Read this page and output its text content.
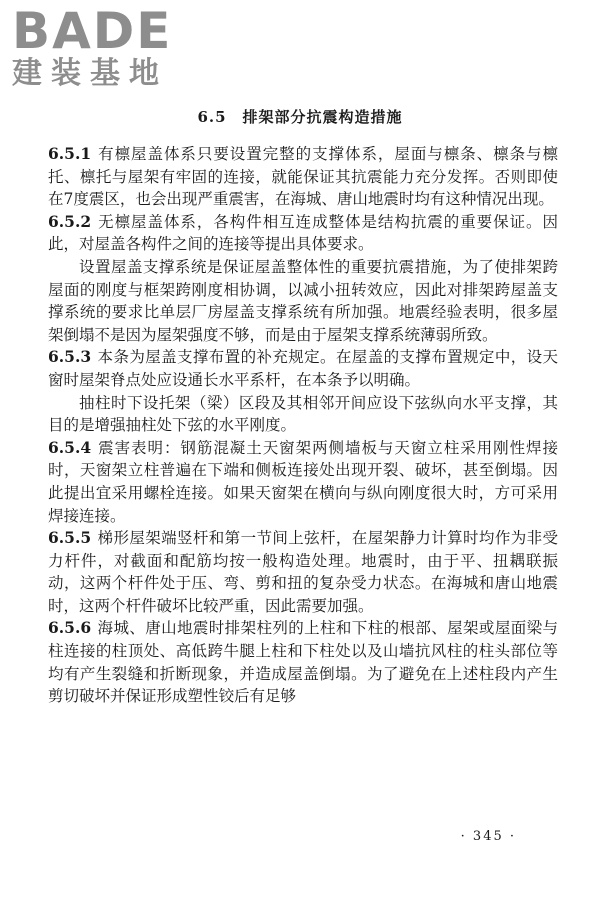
BADE
建装基地
6.5　排架部分抗震构造措施

6.5.1 有檩屋盖体系只要设置完整的支撑体系，屋面与檩条、檩条与檩托、檩托与屋架有牢固的连接，就能保证其抗震能力充分发挥。否则即使在7度震区，也会出现严重震害，在海城、唐山地震时均有这种情况出现。

6.5.2 无檩屋盖体系，各构件相互连成整体是结构抗震的重要保证。因此，对屋盖各构件之间的连接等提出具体要求。

设置屋盖支撑系统是保证屋盖整体性的重要抗震措施，为了使排架跨屋面的刚度与框架跨刚度相协调，以减小扭转效应，因此对排架跨屋盖支撑系统的要求比单层厂房屋盖支撑系统有所加强。地震经验表明，很多屋架倒塌不是因为屋架强度不够，而是由于屋架支撑系统薄弱所致。

6.5.3 本条为屋盖支撑布置的补充规定。在屋盖的支撑布置规定中，设天窗时屋架脊点处应设通长水平系杆，在本条予以明确。

抽柱时下设托架（梁）区段及其相邻开间应设下弦纵向水平支撑，其目的是增强抽柱处下弦的水平刚度。

6.5.4 震害表明：钢筋混凝土天窗架两侧墙板与天窗立柱采用刚性焊接时，天窗架立柱普遍在下端和侧板连接处出现开裂、破坏，甚至倒塌。因此提出宜采用螺栓连接。如果天窗架在横向与纵向刚度很大时，方可采用焊接连接。

6.5.5 梯形屋架端竖杆和第一节间上弦杆，在屋架静力计算时均作为非受力杆件，对截面和配筋均按一般构造处理。地震时，由于平、扭耦联振动，这两个杆件处于压、弯、剪和扭的复杂受力状态。在海城和唐山地震时，这两个杆件破坏比较严重，因此需要加强。

6.5.6 海城、唐山地震时排架柱列的上柱和下柱的根部、屋架或屋面梁与柱连接的柱顶处、高低跨牛腿上柱和下柱处以及山墙抗风柱的柱头部位等均有产生裂缝和折断现象，并造成屋盖倒塌。为了避免在上述柱段内产生剪切破坏并保证形成塑性铰后有足够

· 345 ·
